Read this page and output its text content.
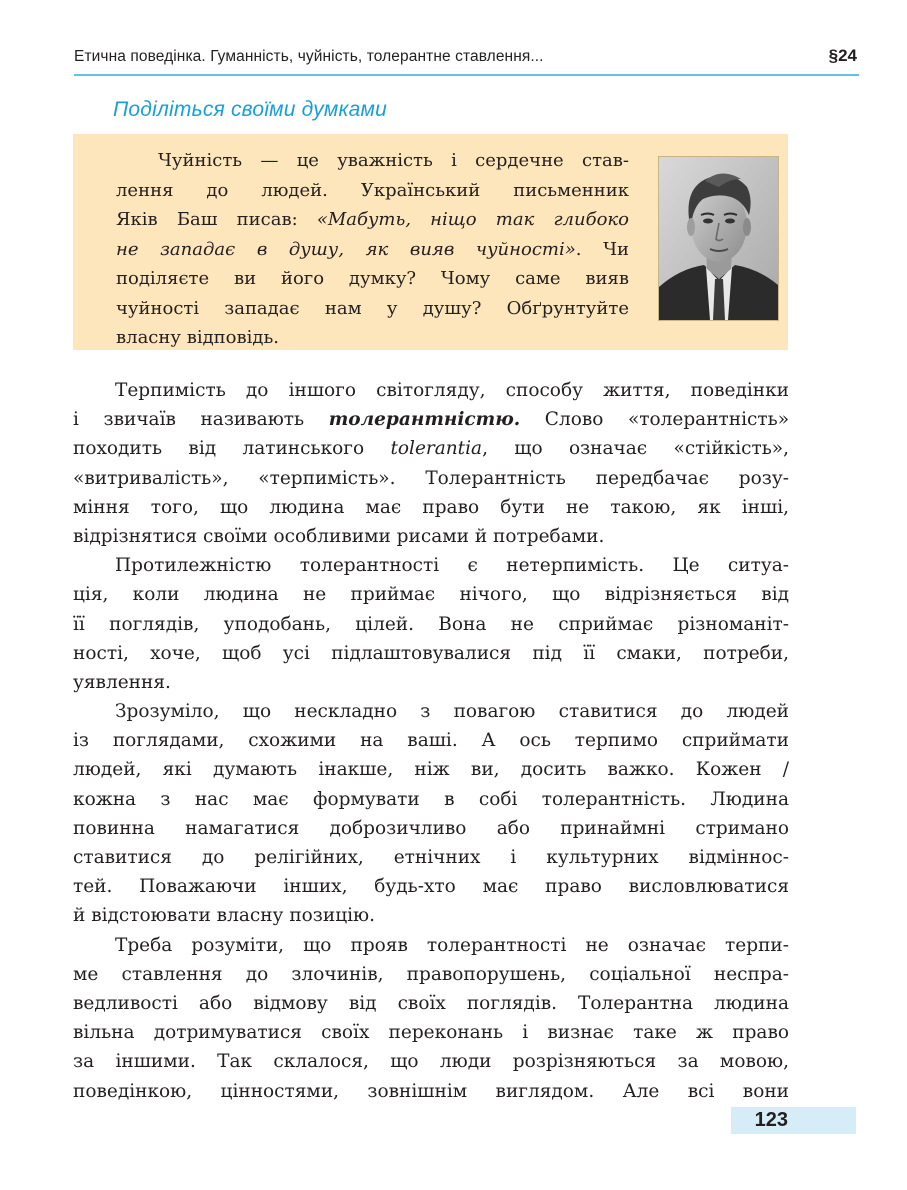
Етична поведінка. Гуманність, чуйність, толерантне ставлення...	§24
Поділіться своїми думками
Чуйність — це уважність і сердечне став-
лення до людей. Український письменник
Яків Баш писав: «Мабуть, ніщо так глибоко
не западає в душу, як вияв чуйності». Чи
поділяєте ви його думку? Чому саме вияв
чуйності западає нам у душу? Обґрунтуйте
власну відповідь.
Терпимість до іншого світогляду, способу життя, поведінки
і звичаїв називають толерантністю. Слово «толерантність»
походить від латинського tolerantia, що означає «стійкість»,
«витривалість», «терпимість». Толерантність передбачає розу-
міння того, що людина має право бути не такою, як інші,
відрізнятися своїми особливими рисами й потребами.
Протилежністю толерантності є нетерпимість. Це ситуа-
ція, коли людина не приймає нічого, що відрізняється від
її поглядів, уподобань, цілей. Вона не сприймає різноманіт-
ності, хоче, щоб усі підлаштовувалися під її смаки, потреби,
уявлення.
Зрозуміло, що нескладно з повагою ставитися до людей
із поглядами, схожими на ваші. А ось терпимо сприймати
людей, які думають інакше, ніж ви, досить важко. Кожен /
кожна з нас має формувати в собі толерантність. Людина
повинна намагатися доброзичливо або принаймні стримано
ставитися до релігійних, етнічних і культурних відміннос-
тей. Поважаючи інших, будь-хто має право висловлюватися
й відстоювати власну позицію.
Треба розуміти, що прояв толерантності не означає терпи-
ме ставлення до злочинів, правопорушень, соціальної неспра-
ведливості або відмову від своїх поглядів. Толерантна людина
вільна дотримуватися своїх переконань і визнає таке ж право
за іншими. Так склалося, що люди розрізняються за мовою,
поведінкою, цінностями, зовнішнім виглядом. Але всі вони
123
